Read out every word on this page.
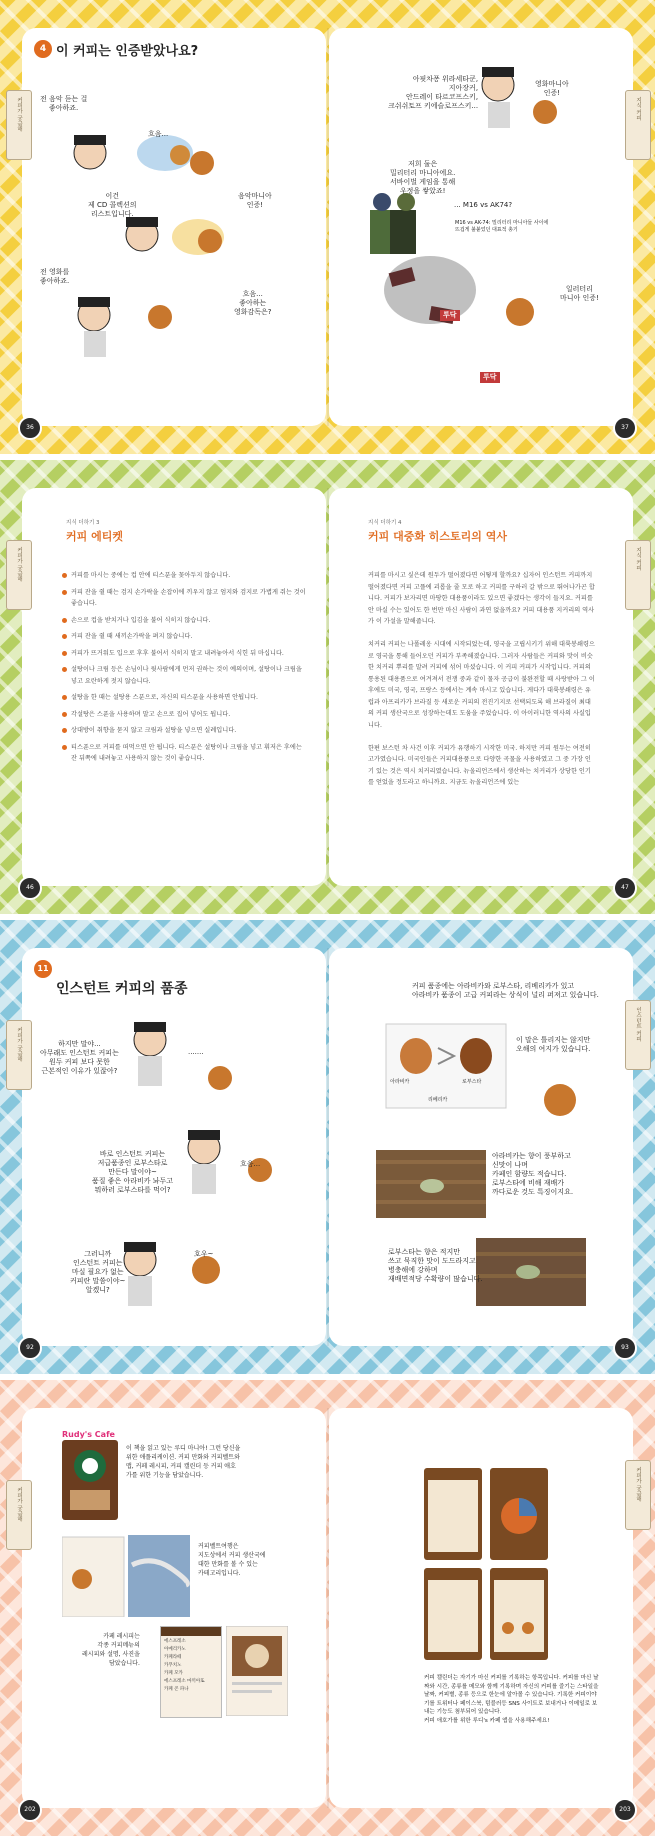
4 이 커피는 인증받았나요?
커피가 궁금해	지식 커피
전 음악 듣는 걸
좋아하죠.
흐음...
이건
제 CD 콜렉션의
리스트입니다.
음악마니아
인증!
전 영화를
좋아하죠.
흐음...
좋아하는
영화감독은?
아핏차퐁 위라세타쿤,
지아장커,
안드레이 타르코프스키,
크쉬쉬토프 키에슬로프스키...
영화마니아
인증!
저희 둘은
밀리터리 마니아에요.
서바이벌 게임을 통해
우정을 쌓았죠!
... M16 vs AK74?
M16 vs AK-74: 밀리터리 마니아들 사이에
뜨겁게 불붙었던 대표적 총기
일러터리
마니아 인증!
투닥
투닥
36	37
커피가 궁금해	지식 커피
지식 더하기 3
커피 에티켓
커피를 마시는 중에는 컵 안에 티스푼을 꽂아두지 않습니다.
커피 잔을 쥘 때는 검지 손가락을 손잡이에 끼우지 않고 엄지와 검지로 가볍게 쥐는 것이 좋습니다.
손으로 컵을 받치거나 입김을 불어 식히지 않습니다.
커피 잔을 쥘 때 새끼손가락을 펴지 않습니다.
커피가 뜨거워도 입으로 후후 불어서 식히지 말고 내려놓아서 식힌 뒤 마십니다.
설탕이나 크림 등은 손님이나 윗사람에게 먼저 권하는 것이 예의이며, 설탕이나 크림을 넣고 요란하게 젓지 않습니다.
설탕을 한 때는 설탕용 스푼으로, 자신의 티스푼을 사용하면 안됩니다.
각설탕은 스푼을 사용하며 말고 손으로 집어 넣어도 됩니다.
상대방이 취향을 묻지 않고 크림과 설탕을 넣으면 실례입니다.
티스푼으로 커피를 떠먹으면 안 됩니다. 티스푼은 설탕이나 크림을 넣고 휘저은 후에는 잔 뒤쪽에 내려놓고 사용하지 않는 것이 좋습니다.
지식 더하기 4
커피 대중화 히스토리의 역사
커피를 마시고 싶은데 원두가 떨어졌다면 어떻게 할까요? 십자어 인스턴트 커피까지 떨어졌다면 커피 고플에 괴롭을 줄 모로 하고 커피를 구하러 갈 밖으로 뛰어나가곤 합니다. 커피가 보자리면 마땅한 대용품이라도 있으면 좋겠다는 생각이 들지요. 커피를 안 마실 수는 있어도 한 번만 마신 사람이 과연 없을까요? 커피 대용품 지커리의 역사가 이 가설을 말해줍니다.

치커리 커피는 나폴레옹 시대에 시작되었는데, 영국을 고립시키기 위해 대륙봉쇄령으로 영국을 통해 들어오던 커피가 부족해졌습니다. 그러자 사람들은 커피와 맛이 비슷한 치커리 뿌리를 말려 커피에 섞어 마셨습니다. 이 커피 커피가 시작입니다. 커피의 통용된 대용품으로 여겨져서 전쟁 중과 같이 물자 공급이 불완전할 때 사랑받아 그 이후에도 미국, 영국, 프랑스 등에서는 계속 마시고 있습니다. 게다가 대륙봉쇄령은 유럽과 아프리카가 브라질 등 새로운 커피의 전진기지로 선택되도록 해 브라질이 최대의 커피 생산국으로 성장하는데도 도움을 주었습니다. 이 아이러니한 역사의 사실입니다.

한편 보스턴 차 사건 이후 커피가 유행하기 시작한 미국. 하지만 커피 원두는 여전히 고가였습니다. 미국인들은 커피대용품으로 다양한 곡물을 사용하였고 그 중 가장 인기 있는 것은 역시 치커리였습니다. 뉴올리언즈에서 생산하는 치커리가 상당한 인기를 얻었을 정도라고 하니까요. 지금도 뉴올리언즈에 있는
46	47
11
인스턴트 커피의 품종
커피가 궁금해
인스턴트 커피
하지만 말야...
아무래도 인스턴트 커피는
원두 커피 보다 못한
근본적인 이유가 있잖아?
.......
바로 인스턴트 커피는
저급품종인 로부스타로
만든다 말이야~
품질 좋은 아라비카 놔두고
뭐하러 로부스타를 먹어?
흐음...
그러니까
인스턴트 커피는
마실 필요가 없는
커피란 말씀이야~
알겠니?
호우~
커피 품종에는 아라비카와 로부스타, 리베리카가 있고
아라비카 품종이 고급 커피라는 상식이 널리 퍼져고 있습니다.
아라비카	로부스타
리베리카
이 말은 틀리지는 않지만
오해의 여지가 있습니다.
아라비카는 향이 풍부하고
신맛이 나며
카페인 함량도 적습니다.
로부스타에 비해 재배가
까다로운 것도 특징이지요.
로부스타는 향은 적지만
쓰고 묵직한 맛이 도드라지고
병충해에 강하며
재배면적당 수확량이 많습니다.
92	93
커피가 궁금해
커피가 궁금해
Rudy's Cafe
이 책을 읽고 있는 루디 마니아! 그런 당신을
위한 애플리케이션. 커피 만화와 커피벨트와
맵, 커페 레시피, 커피 캘린더 등 커피 애호
가를 위한 기능을 담았습니다.
커피벨트여행은
지도상에서 커피 생산국에
대한 만화를 볼 수 있는
카테고리입니다.
카페 레시피는
각종 커피메뉴의
레시피와 설명, 사진을
담았습니다.
에스프레소
아메리카노
카페라떼
카푸치노
카페 모카
에스프레소 마끼아또
카페 콘 파나
커피 캘린더는 자기가 마신 커피를 기록하는 항목입니다. 커피를 마신 날짜와 시간, 종류를 메모와 함께 기록하며 자신의 커피를 즐기는 스타일을 날짜, 커피별, 종류 등으로 한눈에 알아볼 수 있습니다. 기록한 커피이야기를 트위터나 페이스북, 텀블러등 SNS 사이트로 보내거나 이메일로 보내는 기능도 첨부되어 있습니다.
커피 애호가를 위한 루디's 카페 앱을 사용해주세요!
202	203
